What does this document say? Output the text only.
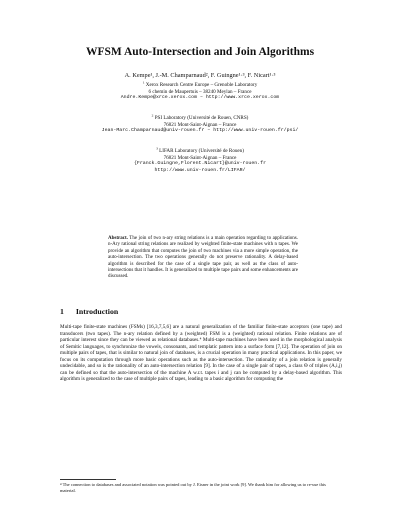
WFSM Auto-Intersection and Join Algorithms
A. Kempe¹, J.-M. Champarnaud², F. Guingne¹·³, F. Nicart¹·³
$^1$ Xerox Research Centre Europe – Grenoble Laboratory
6 chemin de Maupertuis – 38240 Meylan – France
Andre.Kempe@xrce.xerox.com – http://www.xrce.xerox.com
$^2$ PSI Laboratory (Université de Rouen, CNRS)
76821 Mont-Saint-Aignan – France
Jean-Marc.Champarnaud@univ-rouen.fr – http://www.univ-rouen.fr/psi/
$^3$ LIFAR Laboratory (Université de Rouen)
76821 Mont-Saint-Aignan – France
{Franck.Guingne,Florent.Nicart}@univ-rouen.fr
http://www.univ-rouen.fr/LIFAR/
Abstract. The join of two n-ary string relations is a main operation regarding to applications. n-Ary rational string relations are realized by weighted finite-state machines with n tapes. We provide an algorithm that computes the join of two machines via a more simple operation, the auto-intersection. The two operations generally do not preserve rationality. A delay-based algorithm is described for the case of a single tape pair, as well as the class of auto-intersections that it handles. It is generalized to multiple tape pairs and some enhancements are discussed.
1 Introduction

Multi-tape finite-state machines (FSMs) [16,3,7,5,6] are a natural generalization of the familiar finite-state acceptors (one tape) and transducers (two tapes). The n-ary relation defined by a (weighted) FSM is a (weighted) rational relation. Finite relations are of particular interest since they can be viewed as relational databases.⁴ Multi-tape machines have been used in the morphological analysis of Semitic languages, to synchronize the vowels, consonants, and templatic pattern into a surface form [7,12]. The operation of join on multiple pairs of tapes, that is similar to natural join of databases, is a crucial operation in many practical applications. In this paper, we focus on its computation through more basic operations such as the auto-intersection. The rationality of a join relation is generally undecidable, and so is the rationality of an auto-intersection relation [9]. In the case of a single pair of tapes, a class Θ of triples (A,i,j) can be defined so that the auto-intersection of the machine A w.r.t. tapes i and j can be computed by a delay-based algorithm. This algorithm is generalized to the case of multiple pairs of tapes, leading to a basic algorithm for computing the

⁴ The connection to databases and associated notation was pointed out by J. Eisner in the joint work [9]. We thank him for allowing us to re-use this material.
